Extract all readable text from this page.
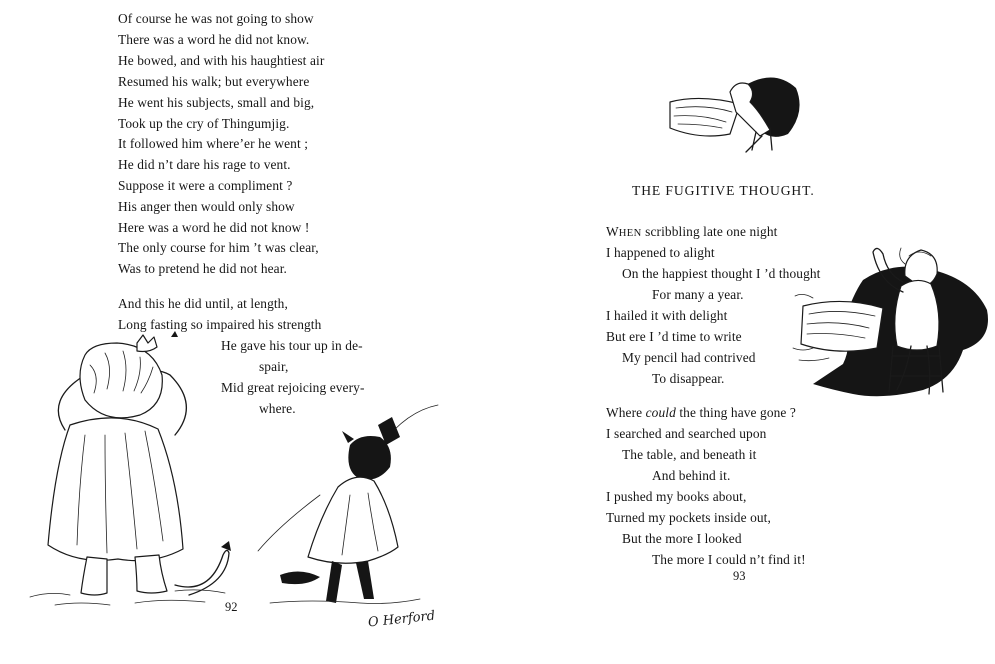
Of course he was not going to show
There was a word he did not know.
He bowed, and with his haughtiest air
Resumed his walk; but everywhere
He went his subjects, small and big,
Took up the cry of Thingumjig.
It followed him where’er he went ;
He did n’t dare his rage to vent.
Suppose it were a compliment ?
His anger then would only show
Here was a word he did not know !
The only course for him ’t was clear,
Was to pretend he did not hear.
And this he did until, at length,
Long fasting so impaired his strength
He gave his tour up in de-
spair,
Mid great rejoicing every-
where.
O Herford
92
THE FUGITIVE THOUGHT.
WHEN scribbling late one night
I happened to alight
On the happiest thought I ’d thought
For many a year.
I hailed it with delight
But ere I ’d time to write
My pencil had contrived
To disappear.
Where could the thing have gone ?
I searched and searched upon
The table, and beneath it
And behind it.
I pushed my books about,
Turned my pockets inside out,
But the more I looked
The more I could n’t find it!
93
